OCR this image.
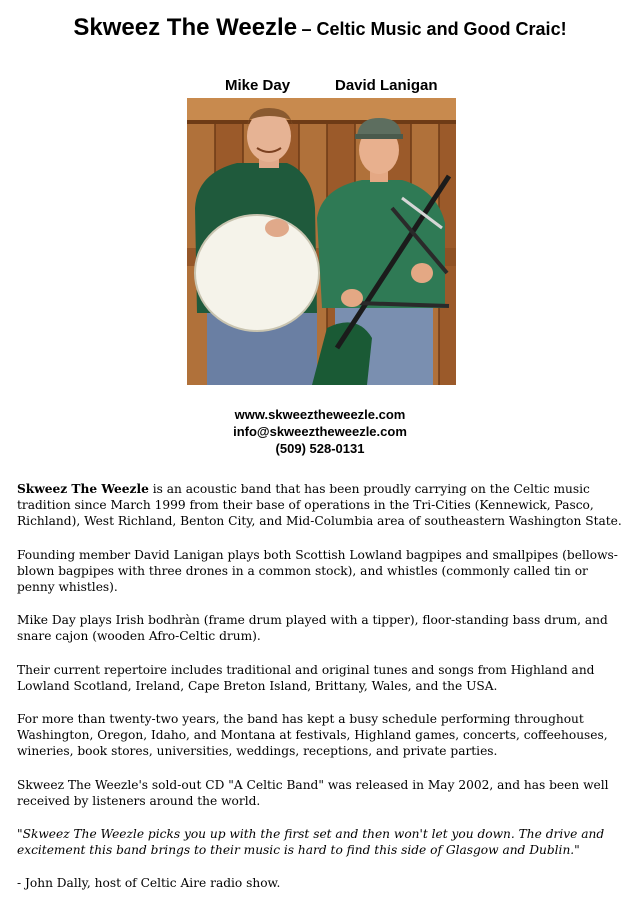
Skweez The Weezle – Celtic Music and Good Craic!
Mike Day	David Lanigan
www.skweeztheweezle.com
info@skweeztheweezle.com
(509) 528-0131

Skweez The Weezle is an acoustic band that has been proudly carrying on the Celtic music tradition since March 1999 from their base of operations in the Tri-Cities (Kennewick, Pasco, Richland), West Richland, Benton City, and Mid-Columbia area of southeastern Washington State.

Founding member David Lanigan plays both Scottish Lowland bagpipes and smallpipes (bellows-blown bagpipes with three drones in a common stock), and whistles (commonly called tin or penny whistles).

Mike Day plays Irish bodhràn (frame drum played with a tipper), floor-standing bass drum, and snare cajon (wooden Afro-Celtic drum).

Their current repertoire includes traditional and original tunes and songs from Highland and Lowland Scotland, Ireland, Cape Breton Island, Brittany, Wales, and the USA.

For more than twenty-two years, the band has kept a busy schedule performing throughout Washington, Oregon, Idaho, and Montana at festivals, Highland games, concerts, coffeehouses, wineries, book stores, universities, weddings, receptions, and private parties.

Skweez The Weezle's sold-out CD "A Celtic Band" was released in May 2002, and has been well received by listeners around the world.

"Skweez The Weezle picks you up with the first set and then won't let you down. The drive and excitement this band brings to their music is hard to find this side of Glasgow and Dublin."

- John Dally, host of Celtic Aire radio show.
